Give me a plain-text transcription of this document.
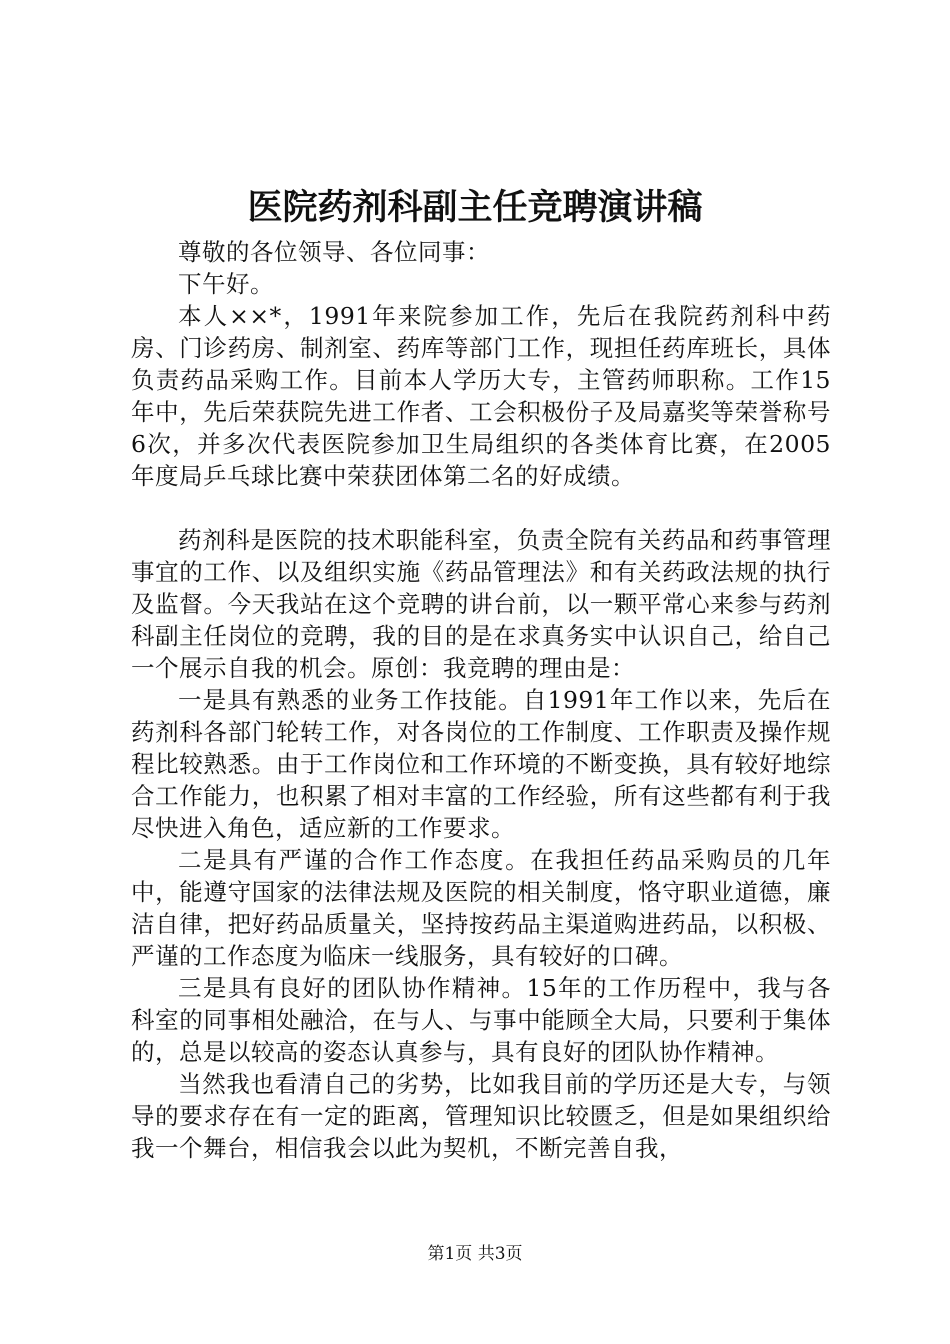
医院药剂科副主任竞聘演讲稿

尊敬的各位领导、各位同事：

下午好。

本人××*，1991年来院参加工作，先后在我院药剂科中药房、门诊药房、制剂室、药库等部门工作，现担任药库班长，具体负责药品采购工作。目前本人学历大专，主管药师职称。工作15年中，先后荣获院先进工作者、工会积极份子及局嘉奖等荣誉称号6次，并多次代表医院参加卫生局组织的各类体育比赛，在2005年度局乒乓球比赛中荣获团体第二名的好成绩。

药剂科是医院的技术职能科室，负责全院有关药品和药事管理事宜的工作、以及组织实施《药品管理法》和有关药政法规的执行及监督。今天我站在这个竞聘的讲台前，以一颗平常心来参与药剂科副主任岗位的竞聘，我的目的是在求真务实中认识自己，给自己一个展示自我的机会。原创：我竞聘的理由是：

一是具有熟悉的业务工作技能。自1991年工作以来，先后在药剂科各部门轮转工作，对各岗位的工作制度、工作职责及操作规程比较熟悉。由于工作岗位和工作环境的不断变换，具有较好地综合工作能力，也积累了相对丰富的工作经验，所有这些都有利于我尽快进入角色，适应新的工作要求。

二是具有严谨的合作工作态度。在我担任药品采购员的几年中，能遵守国家的法律法规及医院的相关制度，恪守职业道德，廉洁自律，把好药品质量关，坚持按药品主渠道购进药品，以积极、严谨的工作态度为临床一线服务，具有较好的口碑。

三是具有良好的团队协作精神。15年的工作历程中，我与各科室的同事相处融洽，在与人、与事中能顾全大局，只要利于集体的，总是以较高的姿态认真参与，具有良好的团队协作精神。

当然我也看清自己的劣势，比如我目前的学历还是大专，与领导的要求存在有一定的距离，管理知识比较匮乏，但是如果组织给我一个舞台，相信我会以此为契机，不断完善自我，

第1页 共3页
